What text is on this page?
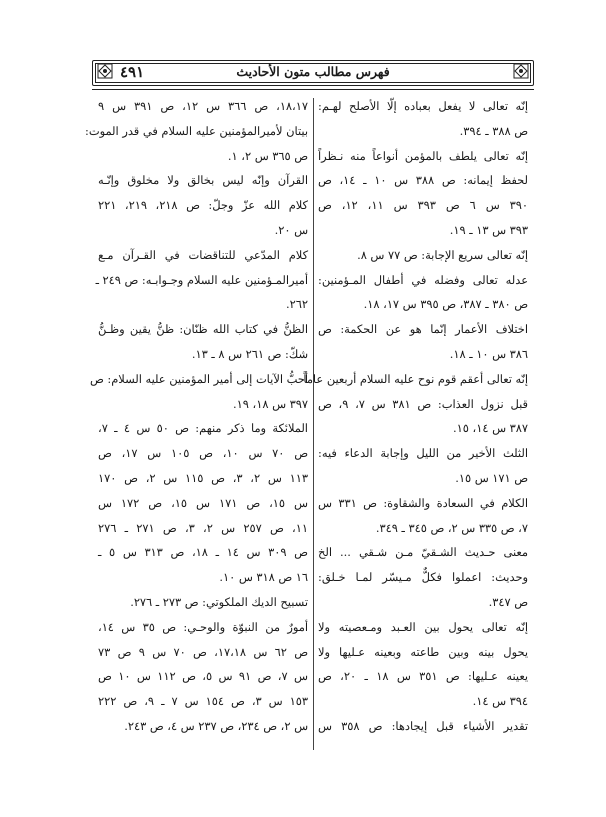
٤٩١	فهرس مطالب متون الأحاديث
إنّه تعالى لا يفعل بعباده إلّا الأصلح لهـم:
ص ٣٨٨ ـ ٣٩٤.
إنّه تعالى يلطف بالمؤمن أنواعاً منه نـظراً
لحفظ إيمانه: ص ٣٨٨ س ١٠ ـ ١٤، ص
٣٩٠ س ٦ ص ٣٩٣ س ١١، ١٢، ص
٣٩٣ س ١٣ ـ ١٩.
إنّه تعالى سريع الإجابة: ص ٧٧ س ٨.
عدله تعالى وفضله في أطفال المـؤمنين:
ص ٣٨٠ ـ ٣٨٧، ص ٣٩٥ س ١٧، ١٨.
اختلاف الأعمار إنّما هو عن الحكمة: ص
٣٨٦ س ١٠ ـ ١٨.
إنّه تعالى أعقم قوم نوح عليه السلام أربعين عاماً
قبل نزول العذاب: ص ٣٨١ س ٧، ٩، ص
٣٨٧ س ١٤، ١٥.
الثلث الأخير من الليل وإجابة الدعاء فيه:
ص ١٧١ س ١٥.
الكلام في السعادة والشقاوة: ص ٣٣١ س
٧، ص ٣٣٥ س ٢، ص ٣٤٥ ـ ٣٤٩.
معنى حـديث الشـقيّ مـن شـقي ... الخ
وحديث: اعملوا فكلٌّ مـيسّر لمـا خـلق:
ص ٣٤٧.
إنّه تعالى يحول بين العـبد ومـعصيته ولا
يحول بينه وبين طاعته وبعينه عـليها ولا
يعينه عـليها: ص ٣٥١ س ١٨ ـ ٢٠، ص
٣٩٤ س ١٤.
تقدير الأشياء قبل إيجادها: ص ٣٥٨ س
١٨،١٧، ص ٣٦٦ س ١٢، ص ٣٩١ س ٩
بيتان لأميرالمؤمنين عليه السلام في قدر الموت:
ص ٣٦٥ س ٢، ١.
القرآن وإنّه ليس بخالق ولا مخلوق وإنّـه
كلام الله عزّ وجلّ: ص ٢١٨، ٢١٩، ٢٢١
س ٢٠.
كلام المدّعي للتناقضات في القـرآن مـع
أميرالمـؤمنين عليه السلام وجـوابـه: ص ٢٤٩ ـ
٢٦٢.
الظنُّ في كتاب الله ظنّان: ظنُّ يقين وظـنُّ
شكّ: ص ٢٦١ س ٨ ـ ١٣.
أحبُّ الآيات إلى أمير المؤمنين عليه السلام: ص
٣٩٧ س ١٨، ١٩.
الملائكة وما ذكر منهم: ص ٥٠ س ٤ ـ ٧،
ص ٧٠ س ١٠، ص ١٠٥ س ١٧، ص
١١٣ س ٢، ٣، ص ١١٥ س ٢، ص ١٧٠
س ١٥، ص ١٧١ س ١٥، ص ١٧٢ س
١١، ص ٢٥٧ س ٢، ٣، ص ٢٧١ ـ ٢٧٦
ص ٣٠٩ س ١٤ ـ ١٨، ص ٣١٣ س ٥ ـ
١٦ ص ٣١٨ س ١٠.
تسبيح الديك الملكوتي: ص ٢٧٣ ـ ٢٧٦.
أمورٌ من النبوّة والوحـي: ص ٣٥ س ١٤،
ص ٦٢ س ١٧،١٨، ص ٧٠ س ٩ ص ٧٣
س ٧، ص ٩١ س ٥، ص ١١٢ س ١٠ ص
١٥٣ س ٣، ص ١٥٤ س ٧ ـ ٩، ص ٢٢٢
س ٢، ص ٢٣٤، ص ٢٣٧ س ٤، ص ٢٤٣.
